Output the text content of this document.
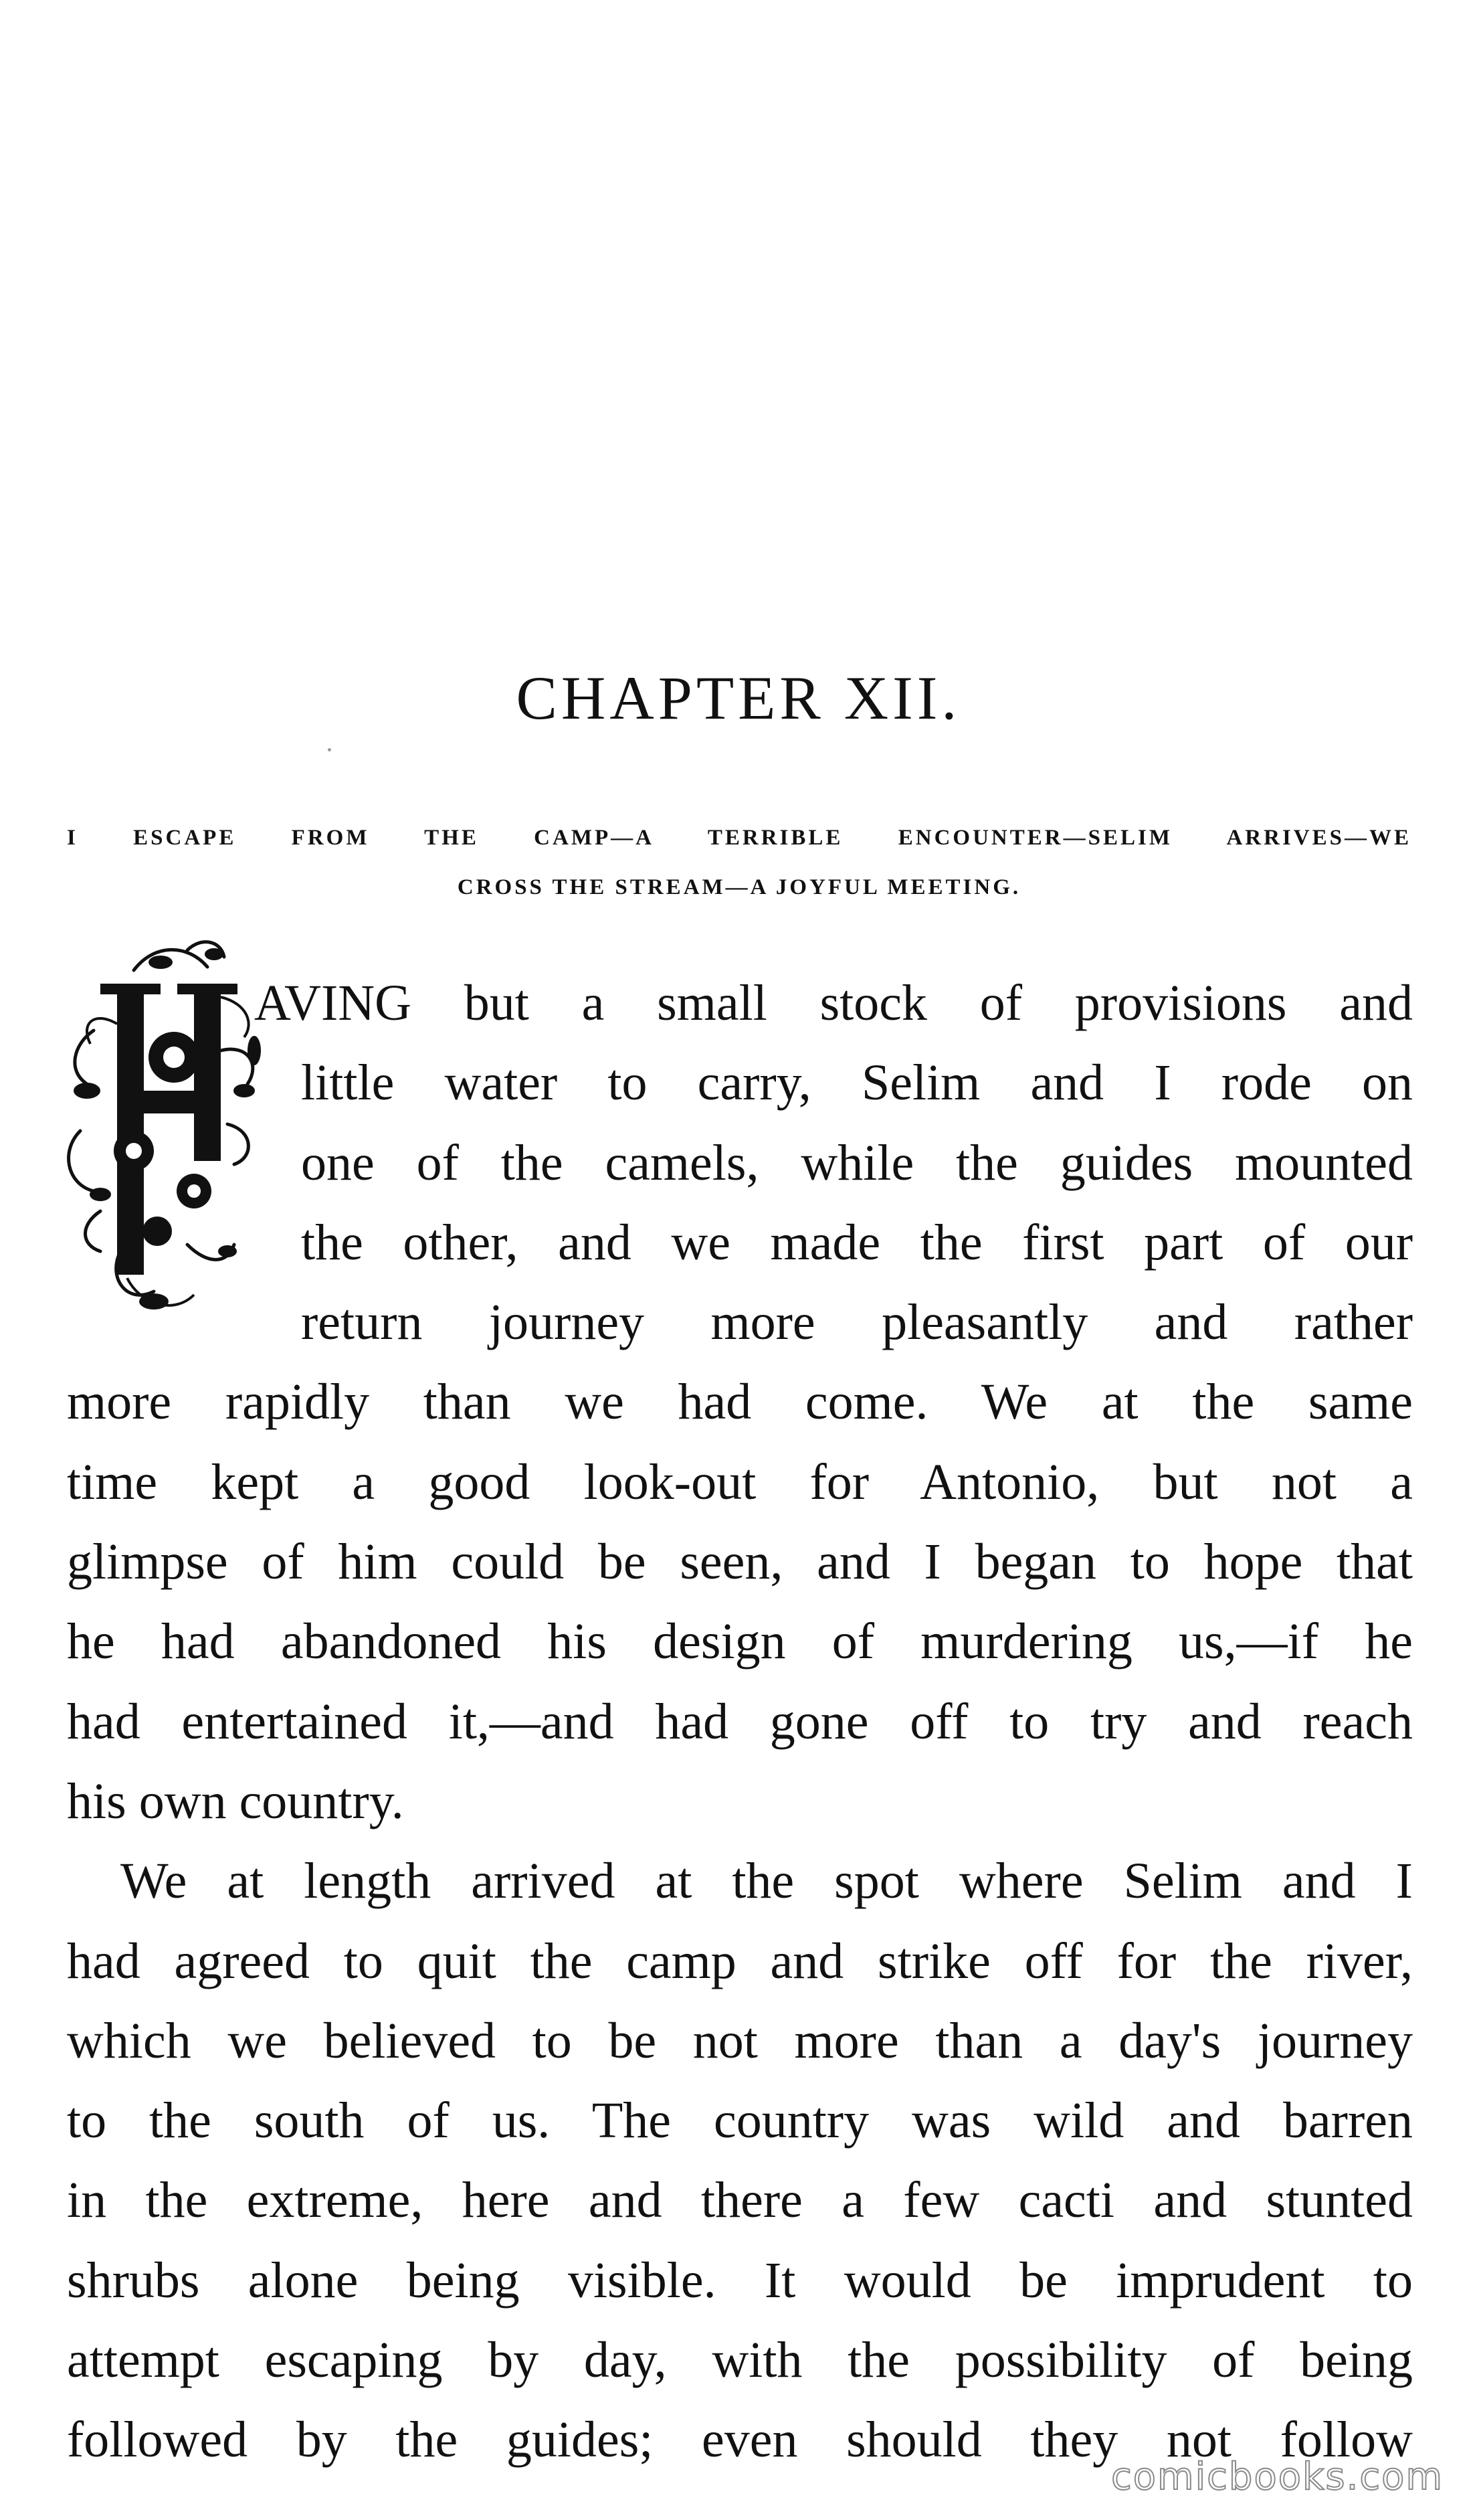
CHAPTER XII.
I ESCAPE FROM THE CAMP—A TERRIBLE ENCOUNTER—SELIM ARRIVES—WE
CROSS THE STREAM—A JOYFUL MEETING.
AVING but a small stock of provisions and
little water to carry, Selim and I rode on
one of the camels, while the guides mounted
the other, and we made the first part of our
return journey more pleasantly and rather
more rapidly than we had come. We at the same
time kept a good look-out for Antonio, but not a
glimpse of him could be seen, and I began to hope that
he had abandoned his design of murdering us,—if he
had entertained it,—and had gone off to try and reach
his own country.
We at length arrived at the spot where Selim and I
had agreed to quit the camp and strike off for the river,
which we believed to be not more than a day's journey
to the south of us. The country was wild and barren
in the extreme, here and there a few cacti and stunted
shrubs alone being visible. It would be imprudent to
attempt escaping by day, with the possibility of being
followed by the guides; even should they not follow
comicbooks.com
